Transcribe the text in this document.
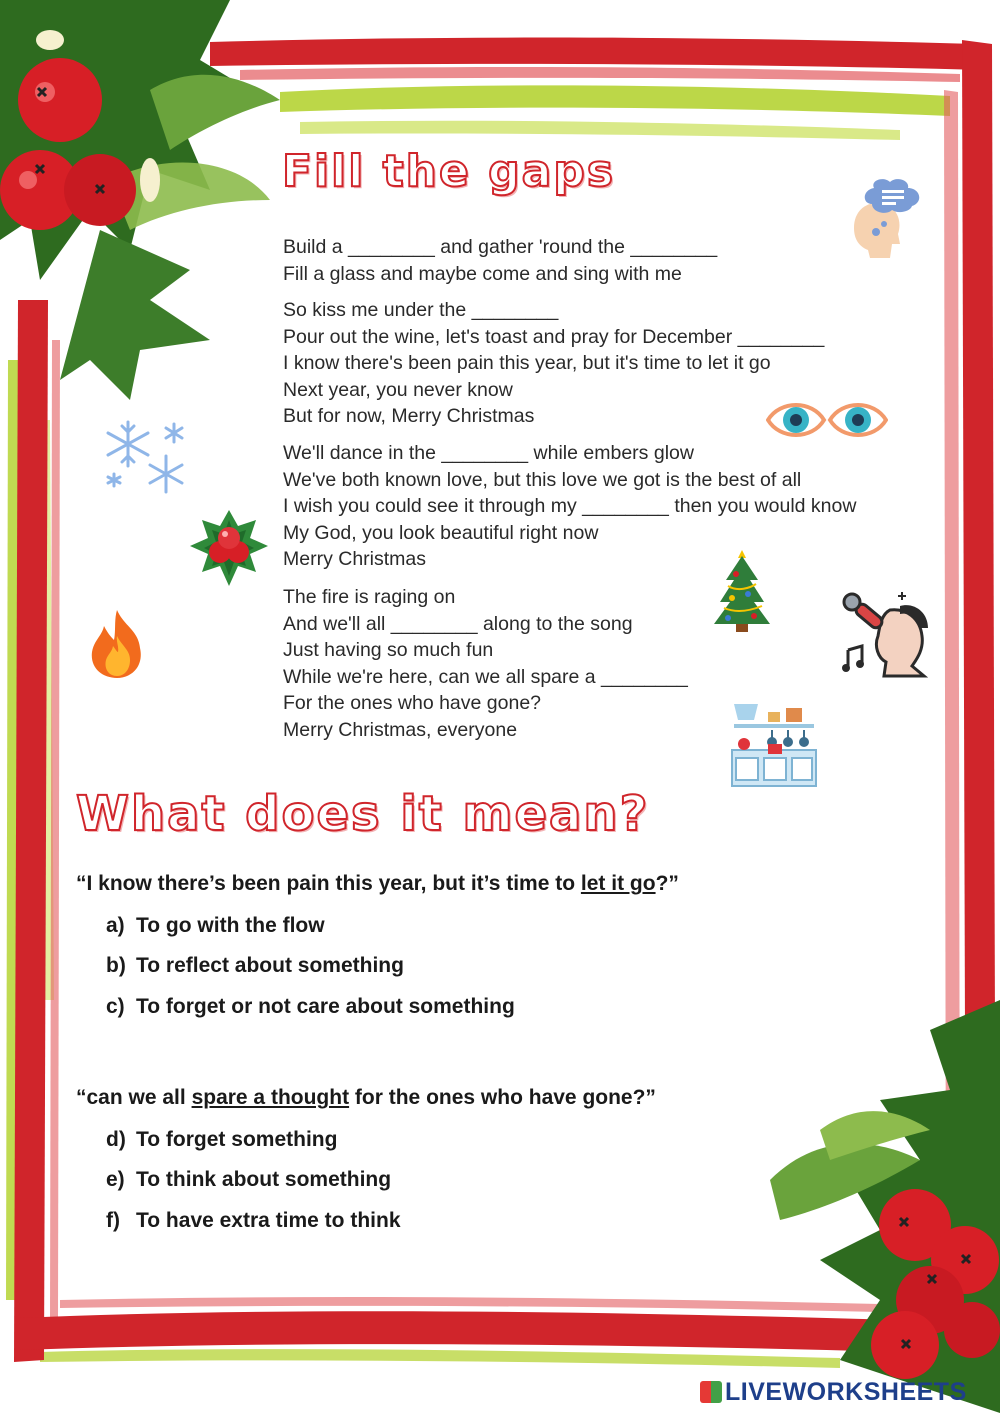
Fill the gaps
What does it mean?
Build a ________ and gather 'round the ________
Fill a glass and maybe come and sing with me
So kiss me under the ________
Pour out the wine, let's toast and pray for December ________
I know there's been pain this year, but it's time to let it go
Next year, you never know
But for now, Merry Christmas
We'll dance in the ________ while embers glow
We've both known love, but this love we got is the best of all
I wish you could see it through my ________ then you would know
My God, you look beautiful right now
Merry Christmas
The fire is raging on
And we'll all ________ along to the song
Just having so much fun
While we're here, can we all spare a ________
For the ones who have gone?
Merry Christmas, everyone
“I know there’s been pain this year, but it’s time to let it go?”
a) To go with the flow
b) To reflect about something
c) To forget or not care about something
“can we all spare a thought for the ones who have gone?”
d) To forget something
e) To think about something
f) To have extra time to think
LIVEWORKSHEETS
